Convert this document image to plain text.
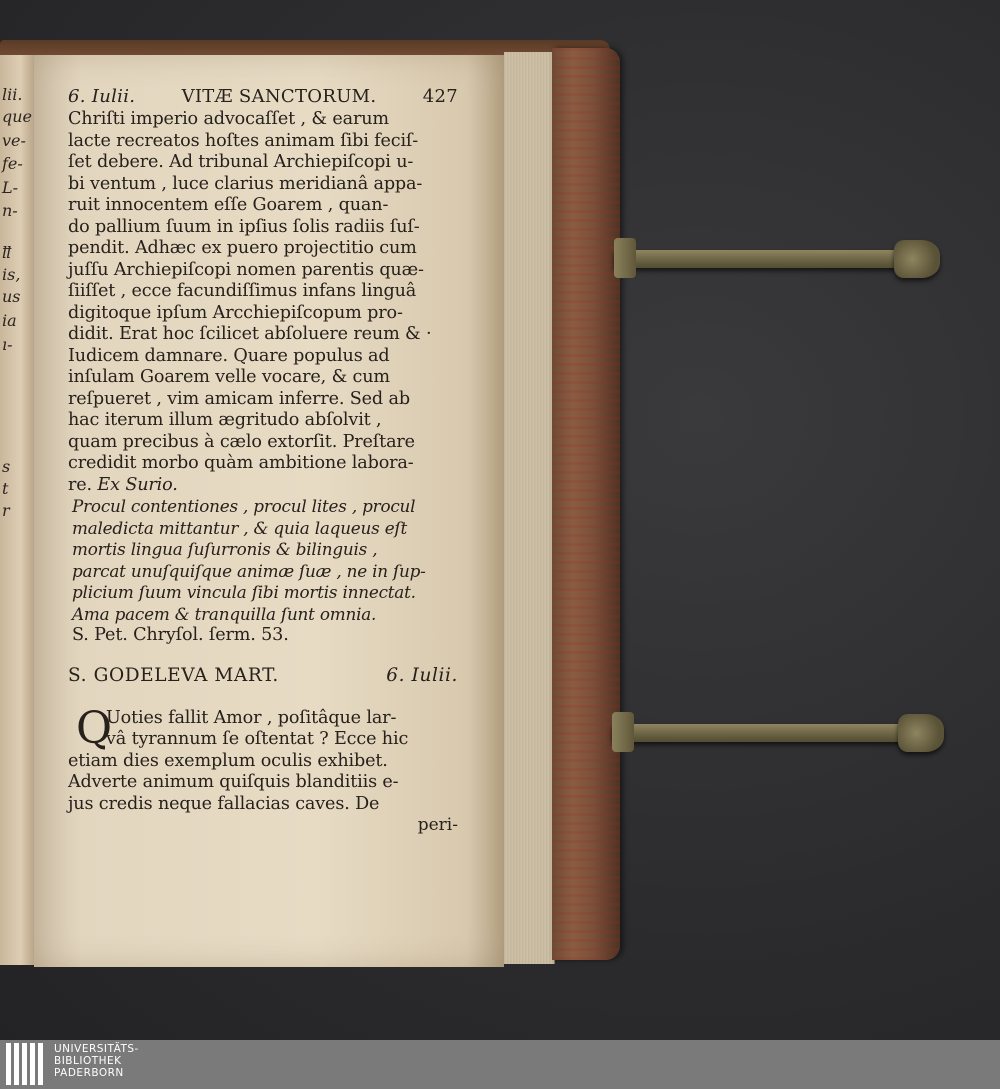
lii.
que
ve-
fe-
L-
n-
ỻ
is,
us
ia
ı-
s
t
r
6. Iulii.	VITÆ SANCTORUM.	427
Chriſti imperio advocaſſet , & earum
lacte recreatos hoſtes animam ſibi feciſ-
ſet debere. Ad tribunal Archiepiſcopi u-
bi ventum , luce clarius meridianâ appa-
ruit innocentem eſſe Goarem , quan-
do pallium ſuum in ipſius ſolis radiis ſuſ-
pendit. Adhæc ex puero projectitio cum
juſſu Archiepiſcopi nomen parentis quæ-
ſiiſſet , ecce facundiſſimus infans linguâ
digitoque ipſum Arcchiepiſcopum pro-
didit. Erat hoc ſcilicet abſoluere reum & ·
Iudicem damnare. Quare populus ad
inſulam Goarem velle vocare, & cum
reſpueret , vim amicam inferre. Sed ab
hac iterum illum ægritudo abſolvit ,
quam precibus à cælo extorſit. Preſtare
credidit morbo quàm ambitione labora-
re. Ex Surio.
Procul contentiones , procul lites , procul
maledicta mittantur , & quia laqueus eſt
mortis lingua ſuſurronis & bilinguis ,
parcat unuſquiſque animæ ſuæ , ne in ſup-
plicium ſuum vincula ſibi mortis innectat.
Ama pacem & tranquilla ſunt omnia.
S. Pet. Chryſol. ſerm. 53.
S. GODELEVA MART.	6. Iulii.
Q
Uoties fallit Amor , poſitâque lar-
vâ tyrannum ſe oſtentat ? Ecce hic
etiam dies exemplum oculis exhibet.
Adverte animum quiſquis blanditiis e-
jus credis neque fallacias caves. De
peri-
UNIVERSITÄTS-
BIBLIOTHEK
PADERBORN
